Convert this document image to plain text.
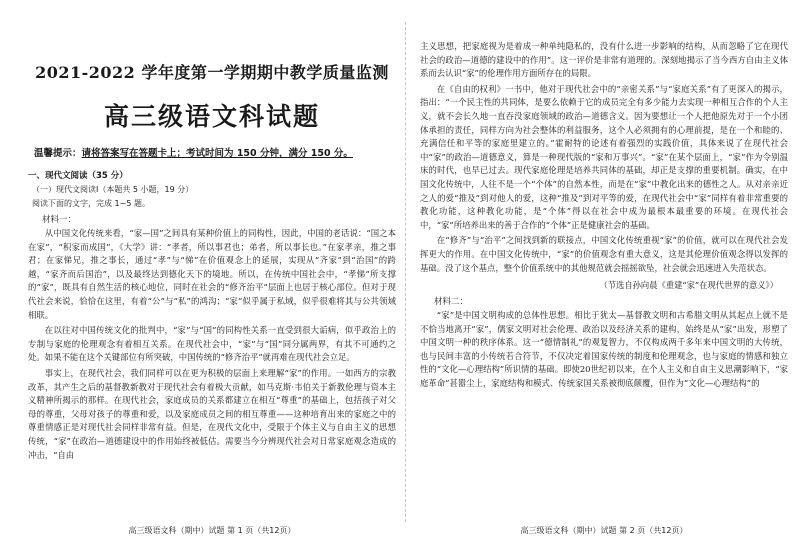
2021-2022 学年度第一学期期中教学质量监测
高三级语文科试题
温馨提示：请将答案写在答题卡上；考试时间为 150 分钟，满分 150 分。
一、现代文阅读（35 分）
（一）现代文阅读Ⅰ（本题共 5 小题，19 分）
阅读下面的文字，完成 1~5 题。
材料一：

从中国文化传统来看，“家—国”之间具有某种价值上的同构性，因此，中国的老话说：“国之本在家”，“积家而成国”，《大学》讲：“孝者，所以事君也；弟者，所以事长也。”在家孝亲，推之事君；在家悌兄，推之事长，通过“孝”与“悌”在价值观念上的延展，实现从“齐家”到“治国”的跨越，“家齐而后国治”，以及最终达到德化天下的境地。所以，在传统中国社会中，“孝悌”所支撑的“家”，既具有自然生活的核心地位，同时在社会的“修齐治平”层面上也居于核心部位。但对于现代社会来说，恰恰在这里，有着“公”与“私”的鸿沟；“家”似乎属于私域，似乎很难将其与公共领域相联。

在以往对中国传统文化的批判中，“家”与“国”的同构性关系一直受到很大诟病，似乎政治上的专制与家庭的伦理观念有着相互关系。在现代社会中，“家”与“国”同分属两界，有其不可通约之处。如果不能在这个关键部位有所突破，中国传统的“修齐治平”就再难在现代社会立足。

事实上，在现代社会，我们同样可以在更为积极的层面上来理解“家”的作用。一如西方的宗教改革，其产生之后的基督教新教对于现代社会有着极大贡献，如马克斯·韦伯关于新教伦理与资本主义精神所揭示的那样。在现代社会，家庭成员的关系都建立在相互“尊重”的基础上，包括孩子对父母的尊重，父母对孩子的尊重和爱，以及家庭成员之间的相互尊重——这种培育出来的家庭之中的尊重情感正是对现代社会同样非常有益。但是，在现代文化中，受限于个体主义与自由主义的思想传统，“家”在政治—道德建设中的作用始终被低估。需要当今分辨现代社会对日常家庭观念造成的冲击，“自由

高三级语文科（期中）试题 第 1 页（共12页）

主义思想，把家庭视为是着成一种单纯隐私的，没有什么进一步影响的结构，从而忽略了它在现代社会的政治—道德的建设中的作用”。这一评价是非常有道理的。深刻地揭示了当今西方自由主义体系而去认识“家”的伦理作用方面所存在的局限。

在《自由的权利》一书中，他对于现代社会中的“亲密关系”与“家庭关系”有了更深入的揭示，指出：“一个民主性的共同体，是要么依赖于它的成员完全有多少能力去实现一种相互合作的个人主义，就不会长久地一直吞没家庭领域的政治—道德含义。因为要想让一个人把他原先对于一个小团体承担的责任，同样方向为社会整体的利益服务，这个人必须拥有的心理前提，是在一个和睦的、充满信任和平等的家庭里建立的。”霍耐特的论述有着强烈的实践价值，具体来说了在现代社会中“家”的政治—道德意义，算是一种现代版的“家和万事兴”。“家”在某个层面上，“家”作为令别温床的时代，也早已过去。现代家庭伦理是培养共同体的基础，却正是支撑的重要机制。确实，在中国文化传统中，人往不是一个“个体”的自然本性，而是在“家”中教化出来的德性之人。从对亲亲近之人的爱“推及”到对他人的爱，这种“推及”到对平等的爱，在现代社会中“家”同样有着非常重要的教化功能，这种教化功能，是“个体”得以在社会中成为最根本最重要的环境。在现代社会中，“家”所培养出来的善于合作的“个体”正是健康社会的基础。

在“修齐”与“治平”之间找到新的联接点，中国文化传统重视“家”的价值，就可以在现代社会发挥更大的作用。在中国文化传统中，“家”的价值观念有重大意义，这是其伦理价值观念得以发挥的基础。没了这个基点，整个价值系统中的其他规范就会摇摇欲坠，社会就会迅速进入失范状态。

（节选自孙向晨《重建“家”在现代世界的意义》）
材料二：

“家”是中国文明构成的总体性思想。相比于犹太—基督教文明和古希腊文明从其起点上就不是不恰当地离开“家”，儒家文明对社会伦理、政治以及经济关系的建构，始终是从“家”出发，形塑了中国文明一种的秩序体系。这一“德情制礼”的观复智力，不仅构成两千多年来中国文明的大传统，也与民间丰富的小传统若合符节，不仅决定着国家传统的制度和伦理观念，也与家庭的情感和独立性的“文化—心理结构”所识情的基础。即使20世纪初以来，在个人主义和自由主义思潮影响下，“家庭革命”甚嚣尘上，家庭结构和模式、传统家国关系被彻底颠覆，但作为“文化—心理结构”的

高三级语文科（期中）试题 第 2 页（共12页）
